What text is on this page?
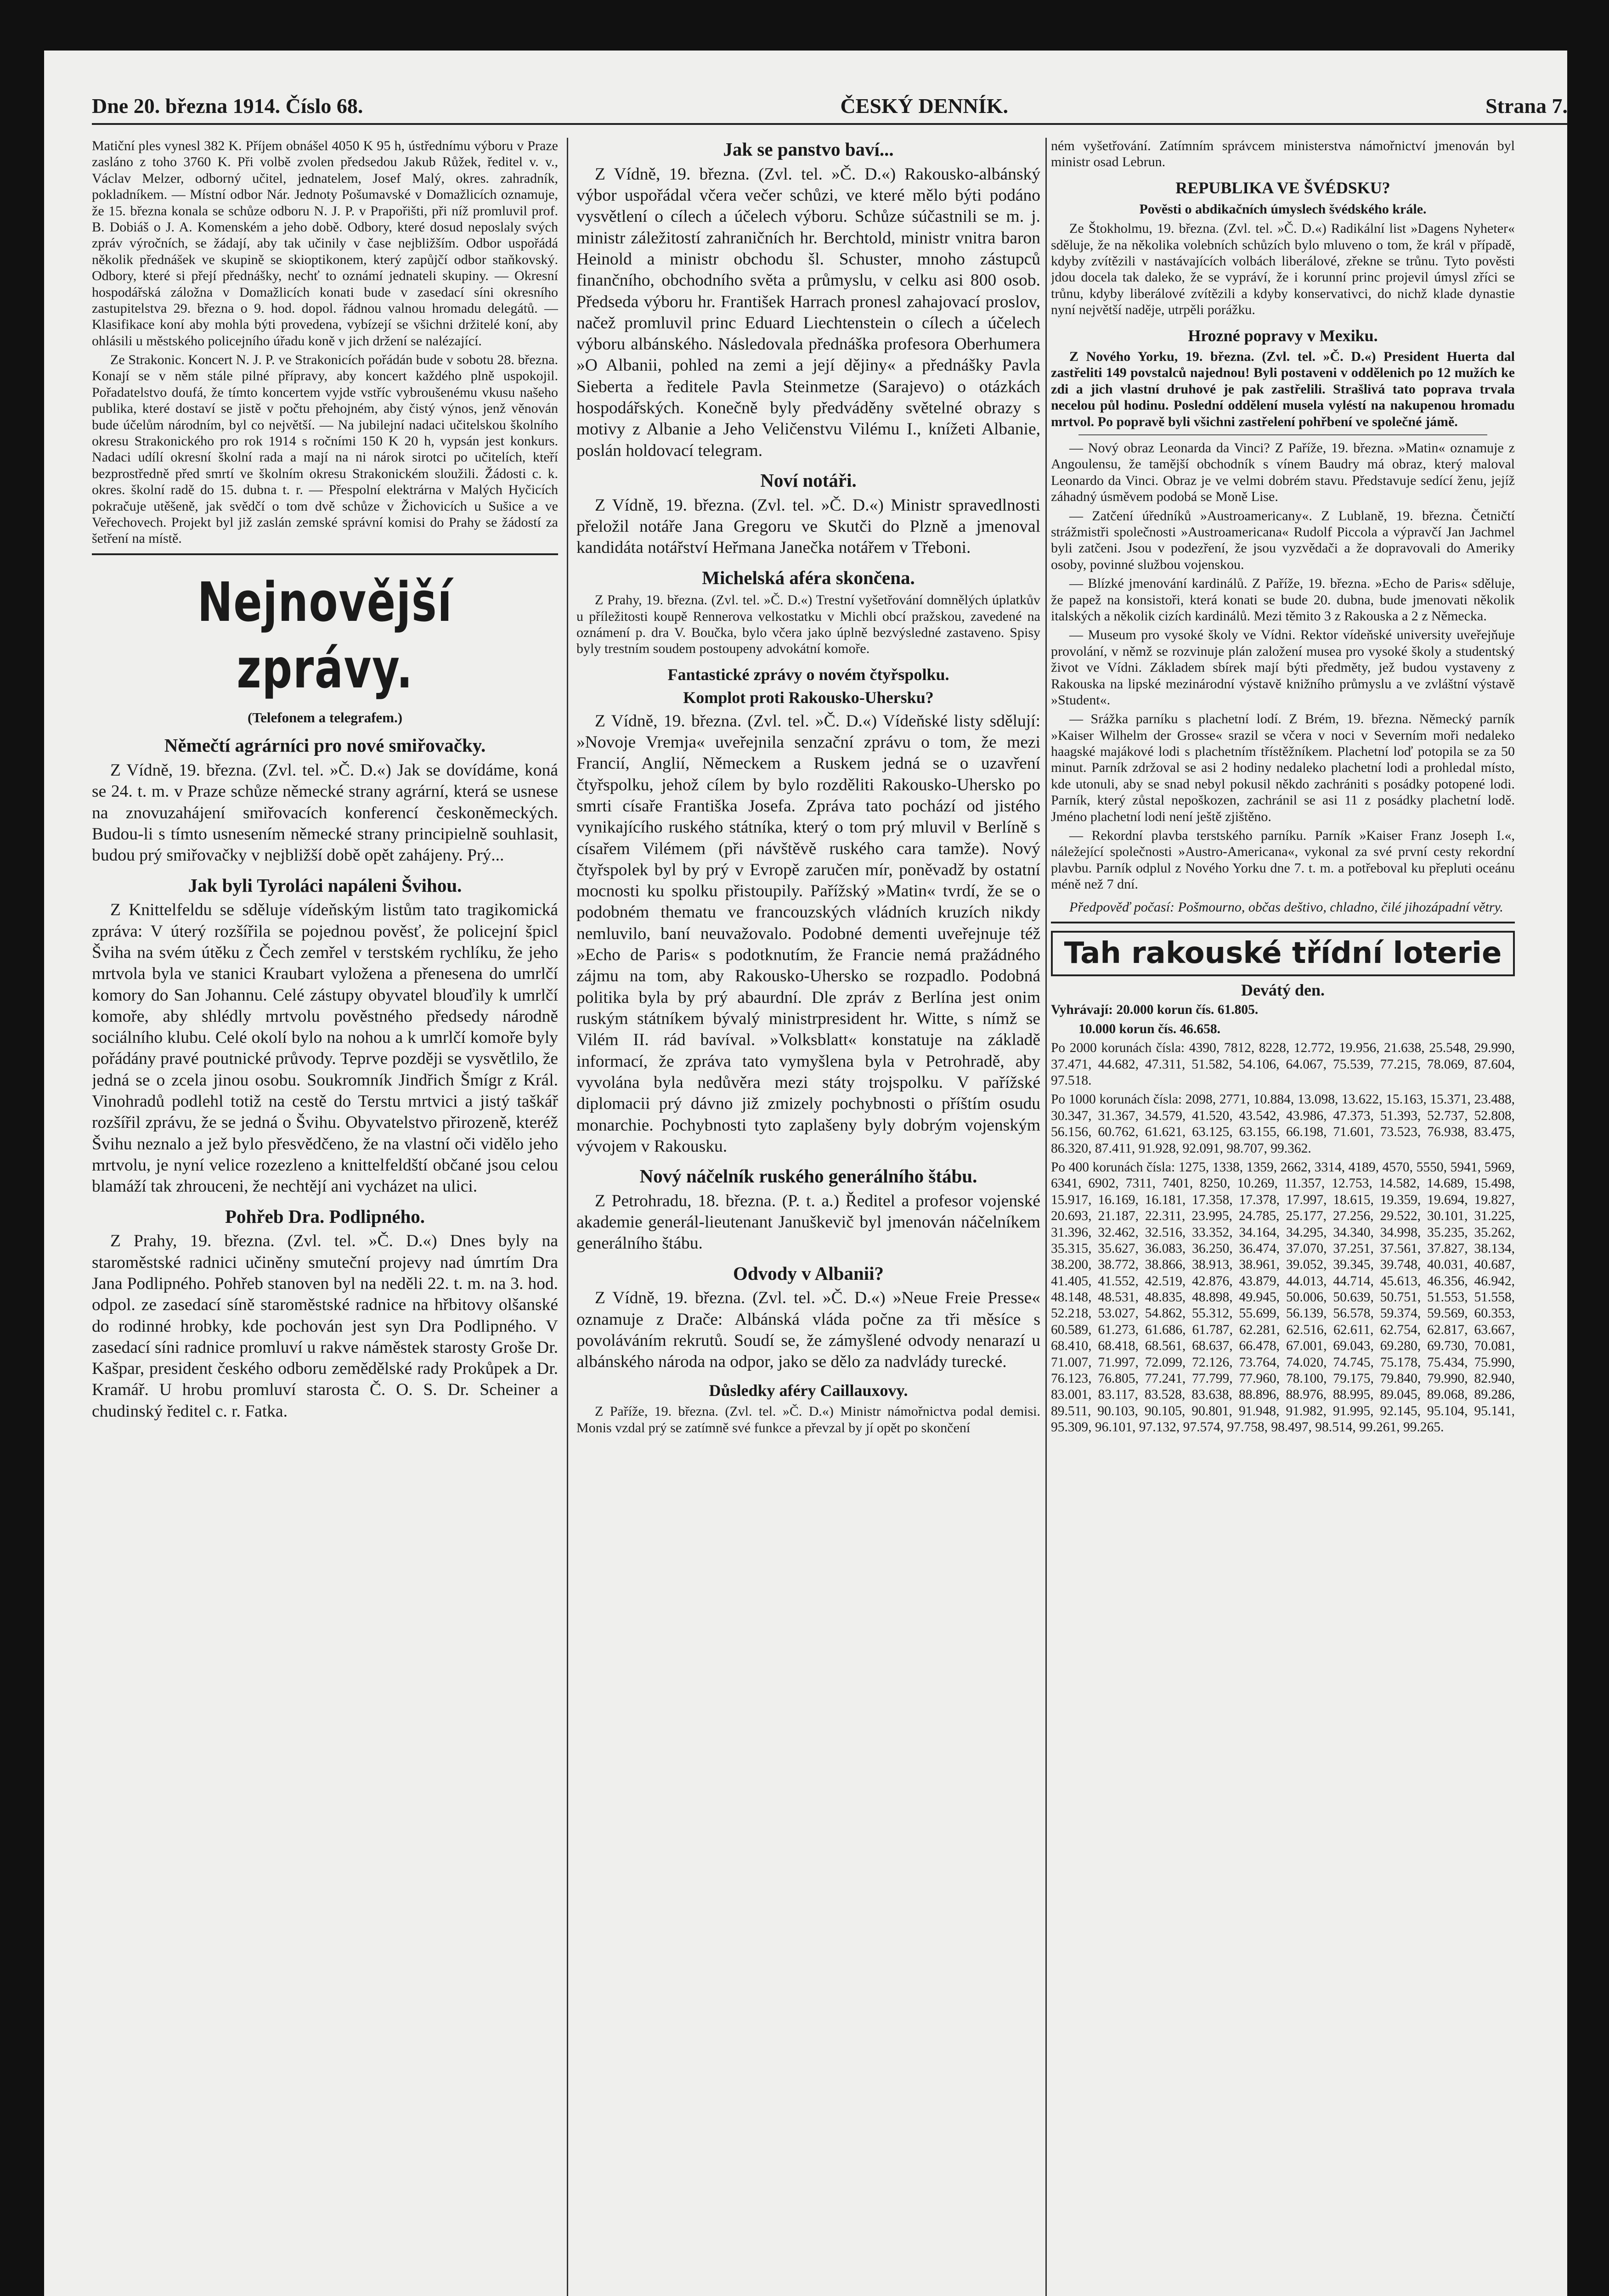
Dne 20. března 1914. Číslo 68.	ČESKÝ DENNÍK.	Strana 7.

Matiční ples vynesl 382 K. Příjem obnášel 4050 K 95 h, ústřednímu výboru v Praze zasláno z toho 3760 K. Při volbě zvolen předsedou Jakub Růžek, ředitel v. v., Václav Melzer, odborný učitel, jednatelem, Josef Malý, okres. zahradník, pokladníkem. — Místní odbor Nár. Jednoty Pošumavské v Domažlicích oznamuje, že 15. března konala se schůze odboru N. J. P. v Prapořišti, při níž promluvil prof. B. Dobiáš o J. A. Komenském a jeho době. Odbory, které dosud neposlaly svých zpráv výročních, se žádají, aby tak učinily v čase nejbližším. Odbor uspořádá několik přednášek ve skupině se skioptikonem, který zapůjčí odbor staňkovský. Odbory, které si přejí přednášky, nechť to oznámí jednateli skupiny. — Okresní hospodářská záložna v Domažlicích konati bude v zasedací síni okresního zastupitelstva 29. března o 9. hod. dopol. řádnou valnou hromadu delegátů. — Klasifikace koní aby mohla býti provedena, vybízejí se všichni držitelé koní, aby ohlásili u městského policejního úřadu koně v jich držení se nalézající.

Ze Strakonic. Koncert N. J. P. ve Strakonicích pořádán bude v sobotu 28. března. Konají se v něm stále pilné přípravy, aby koncert každého plně uspokojil. Pořadatelstvo doufá, že tímto koncertem vyjde vstříc vybroušenému vkusu našeho publika, které dostaví se jistě v počtu přehojném, aby čistý výnos, jenž věnován bude účelům národním, byl co největší. — Na jubilejní nadaci učitelskou školního okresu Strakonického pro rok 1914 s ročními 150 K 20 h, vypsán jest konkurs. Nadaci udílí okresní školní rada a mají na ni nárok sirotci po učitelích, kteří bezprostředně před smrtí ve školním okresu Strakonickém sloužili. Žádosti c. k. okres. školní radě do 15. dubna t. r. — Přespolní elektrárna v Malých Hyčicích pokračuje utěšeně, jak svědčí o tom dvě schůze v Žichovicích u Sušice a ve Veřechovech. Projekt byl již zaslán zemské správní komisi do Prahy se žádostí za šetření na místě.

Nejnovější zprávy.
(Telefonem a telegrafem.)
Němečtí agrárníci pro nové smiřovačky.

Z Vídně, 19. března. (Zvl. tel. »Č. D.«) Jak se dovídáme, koná se 24. t. m. v Praze schůze německé strany agrární, která se usnese na znovuzahájení smiřovacích konferencí českoněmeckých. Budou-li s tímto usnesením německé strany principielně souhlasit, budou prý smiřovačky v nejbližší době opět zahájeny. Prý...

Jak byli Tyroláci napáleni Švihou.

Z Knittelfeldu se sděluje vídeňským listům tato tragikomická zpráva: V úterý rozšířila se pojednou pověsť, že policejní špicl Šviha na svém útěku z Čech zemřel v terstském rychlíku, že jeho mrtvola byla ve stanici Kraubart vyložena a přenesena do umrlčí komory do San Johannu. Celé zástupy obyvatel blouďily k umrlčí komoře, aby shlédly mrtvolu pověstného předsedy národně sociálního klubu. Celé okolí bylo na nohou a k umrlčí komoře byly pořádány pravé poutnické průvody. Teprve později se vysvětlilo, že jedná se o zcela jinou osobu. Soukromník Jindřich Šmígr z Král. Vinohradů podlehl totiž na cestě do Terstu mrtvici a jistý taškář rozšířil zprávu, že se jedná o Švihu. Obyvatelstvo přirozeně, kteréž Švihu neznalo a jež bylo přesvědčeno, že na vlastní oči vidělo jeho mrtvolu, je nyní velice rozezleno a knittelfeldští občané jsou celou blamáží tak zhrouceni, že nechtějí ani vycházet na ulici.

Pohřeb Dra. Podlipného.

Z Prahy, 19. března. (Zvl. tel. »Č. D.«) Dnes byly na staroměstské radnici učiněny smuteční projevy nad úmrtím Dra Jana Podlipného. Pohřeb stanoven byl na neděli 22. t. m. na 3. hod. odpol. ze zasedací síně staroměstské radnice na hřbitovy olšanské do rodinné hrobky, kde pochován jest syn Dra Podlipného. V zasedací síni radnice promluví u rakve náměstek starosty Groše Dr. Kašpar, president českého odboru zemědělské rady Prokůpek a Dr. Kramář. U hrobu promluví starosta Č. O. S. Dr. Scheiner a chudinský ředitel c. r. Fatka.

Jak se panstvo baví...

Z Vídně, 19. března. (Zvl. tel. »Č. D.«) Rakousko-albánský výbor uspořádal včera večer schůzi, ve které mělo býti podáno vysvětlení o cílech a účelech výboru. Schůze súčastnili se m. j. ministr záležitostí zahraničních hr. Berchtold, ministr vnitra baron Heinold a ministr obchodu šl. Schuster, mnoho zástupců finančního, obchodního světa a průmyslu, v celku asi 800 osob. Předseda výboru hr. František Harrach pronesl zahajovací proslov, načež promluvil princ Eduard Liechtenstein o cílech a účelech výboru albánského. Následovala přednáška profesora Oberhumera »O Albanii, pohled na zemi a její dějiny« a přednášky Pavla Sieberta a ředitele Pavla Steinmetze (Sarajevo) o otázkách hospodářských. Konečně byly předváděny světelné obrazy s motivy z Albanie a Jeho Veličenstvu Vilému I., knížeti Albanie, poslán holdovací telegram.

Noví notáři.

Z Vídně, 19. března. (Zvl. tel. »Č. D.«) Ministr spravedlnosti přeložil notáře Jana Gregoru ve Skutči do Plzně a jmenoval kandidáta notářství Heřmana Janečka notářem v Třeboni.

Michelská aféra skončena.

Z Prahy, 19. března. (Zvl. tel. »Č. D.«) Trestní vyšetřování domnělých úplatkův u příležitosti koupě Rennerova velkostatku v Michli obcí pražskou, zavedené na oznámení p. dra V. Boučka, bylo včera jako úplně bezvýsledné zastaveno. Spisy byly trestním soudem postoupeny advokátní komoře.

Fantastické zprávy o novém čtyřspolku.
Komplot proti Rakousko-Uhersku?

Z Vídně, 19. března. (Zvl. tel. »Č. D.«) Vídeňské listy sdělují: »Novoje Vremja« uveřejnila senzační zprávu o tom, že mezi Francií, Anglií, Německem a Ruskem jedná se o uzavření čtyřspolku, jehož cílem by bylo rozděliti Rakousko-Uhersko po smrti císaře Františka Josefa. Zpráva tato pochází od jistého vynikajícího ruského státníka, který o tom prý mluvil v Berlíně s císařem Vilémem (při návštěvě ruského cara tamže). Nový čtyřspolek byl by prý v Evropě zaručen mír, poněvadž by ostatní mocnosti ku spolku přistoupily. Pařížský »Matin« tvrdí, že se o podobném thematu ve francouzských vládních kruzích nikdy nemluvilo, baní neuvažovalo. Podobné dementi uveřejnuje též »Echo de Paris« s podotknutím, že Francie nemá pražádného zájmu na tom, aby Rakousko-Uhersko se rozpadlo. Podobná politika byla by prý abaurdní. Dle zpráv z Berlína jest onim ruským státníkem bývalý ministrpresident hr. Witte, s nímž se Vilém II. rád bavíval. »Volksblatt« konstatuje na základě informací, že zpráva tato vymyšlena byla v Petrohradě, aby vyvolána byla nedůvěra mezi státy trojspolku. V pařížské diplomacii prý dávno již zmizely pochybnosti o příštím osudu monarchie. Pochybnosti tyto zaplašeny byly dobrým vojenským vývojem v Rakousku.

Nový náčelník ruského generálního štábu.

Z Petrohradu, 18. března. (P. t. a.) Ředitel a profesor vojenské akademie generál-lieutenant Januškevič byl jmenován náčelníkem generálního štábu.

Odvody v Albanii?

Z Vídně, 19. března. (Zvl. tel. »Č. D.«) »Neue Freie Presse« oznamuje z Drače: Albánská vláda počne za tři měsíce s povoláváním rekrutů. Soudí se, že zámyšlené odvody nenarazí u albánského národa na odpor, jako se dělo za nadvlády turecké.

Důsledky aféry Caillauxovy.

Z Paříže, 19. března. (Zvl. tel. »Č. D.«) Ministr námořnictva podal demisi. Monis vzdal prý se zatímně své funkce a převzal by jí opět po skončení

ném vyšetřování. Zatímním správcem ministerstva námořnictví jmenován byl ministr osad Lebrun.

REPUBLIKA VE ŠVÉDSKU?
Pověsti o abdikačních úmyslech švédského krále.

Ze Štokholmu, 19. března. (Zvl. tel. »Č. D.«) Radikální list »Dagens Nyheter« sděluje, že na několika volebních schůzích bylo mluveno o tom, že král v případě, kdyby zvítězili v nastávajících volbách liberálové, zřekne se trůnu. Tyto pověsti jdou docela tak daleko, že se vypráví, že i korunní princ projevil úmysl zříci se trůnu, kdyby liberálové zvítězili a kdyby konservativci, do nichž klade dynastie nyní největší naděje, utrpěli porážku.

Hrozné popravy v Mexiku.

Z Nového Yorku, 19. března. (Zvl. tel. »Č. D.«) President Huerta dal zastřeliti 149 povstalců najednou! Byli postaveni v oddělenich po 12 mužích ke zdi a jich vlastní druhové je pak zastřelili. Strašlivá tato poprava trvala necelou půl hodinu. Poslední oddělení musela vyléstí na nakupenou hromadu mrtvol. Po popravě byli všichni zastřelení pohřbení ve společné jámě.

— Nový obraz Leonarda da Vinci? Z Paříže, 19. března. »Matin« oznamuje z Angoulensu, že tamější obchodník s vínem Baudry má obraz, který maloval Leonardo da Vinci. Obraz je ve velmi dobrém stavu. Představuje sedící ženu, jejíž záhadný úsměvem podobá se Moně Lise.

— Zatčení úředníků »Austroamericany«. Z Lublaně, 19. března. Četničtí strážmistři společnosti »Austroamericana« Rudolf Piccola a výpravčí Jan Jachmel byli zatčeni. Jsou v podezření, že jsou vyzvědači a že dopravovali do Ameriky osoby, povinné službou vojenskou.

— Blízké jmenování kardinálů. Z Paříže, 19. března. »Echo de Paris« sděluje, že papež na konsistoři, která konati se bude 20. dubna, bude jmenovati několik italských a několik cizích kardinálů. Mezi těmito 3 z Rakouska a 2 z Německa.

— Museum pro vysoké školy ve Vídni. Rektor vídeňské university uveřejňuje provolání, v němž se rozvinuje plán založení musea pro vysoké školy a studentský život ve Vídni. Základem sbírek mají býti předměty, jež budou vystaveny z Rakouska na lipské mezinárodní výstavě knižního průmyslu a ve zvláštní výstavě »Student«.

— Srážka parníku s plachetní lodí. Z Brém, 19. března. Německý parník »Kaiser Wilhelm der Grosse« srazil se včera v noci v Severním moři nedaleko haagské majákové lodi s plachetním třístěžníkem. Plachetní loď potopila se za 50 minut. Parník zdržoval se asi 2 hodiny nedaleko plachetní lodi a prohledal místo, kde utonuli, aby se snad nebyl pokusil někdo zachrániti s posádky potopené lodi. Parník, který zůstal nepoškozen, zachránil se asi 11 z posádky plachetní lodě. Jméno plachetní lodi není ještě zjištěno.

— Rekordní plavba terstského parníku. Parník »Kaiser Franz Joseph I.«, náležející společnosti »Austro-Americana«, vykonal za své první cesty rekordní plavbu. Parník odplul z Nového Yorku dne 7. t. m. a potřeboval ku přepluti oceánu méně než 7 dní.

Předpověď počasí: Pošmourno, občas deštivo, chladno, čilé jihozápadní větry.

Tah rakouské třídní loterie
Devátý den.

Vyhrávají: 20.000 korun čís. 61.805.

10.000 korun čís. 46.658.

Po 2000 korunách čísla: 4390, 7812, 8228, 12.772, 19.956, 21.638, 25.548, 29.990, 37.471, 44.682, 47.311, 51.582, 54.106, 64.067, 75.539, 77.215, 78.069, 87.604, 97.518.

Po 1000 korunách čísla: 2098, 2771, 10.884, 13.098, 13.622, 15.163, 15.371, 23.488, 30.347, 31.367, 34.579, 41.520, 43.542, 43.986, 47.373, 51.393, 52.737, 52.808, 56.156, 60.762, 61.621, 63.125, 63.155, 66.198, 71.601, 73.523, 76.938, 83.475, 86.320, 87.411, 91.928, 92.091, 98.707, 99.362.

Po 400 korunách čísla: 1275, 1338, 1359, 2662, 3314, 4189, 4570, 5550, 5941, 5969, 6341, 6902, 7311, 7401, 8250, 10.269, 11.357, 12.753, 14.582, 14.689, 15.498, 15.917, 16.169, 16.181, 17.358, 17.378, 17.997, 18.615, 19.359, 19.694, 19.827, 20.693, 21.187, 22.311, 23.995, 24.785, 25.177, 27.256, 29.522, 30.101, 31.225, 31.396, 32.462, 32.516, 33.352, 34.164, 34.295, 34.340, 34.998, 35.235, 35.262, 35.315, 35.627, 36.083, 36.250, 36.474, 37.070, 37.251, 37.561, 37.827, 38.134, 38.200, 38.772, 38.866, 38.913, 38.961, 39.052, 39.345, 39.748, 40.031, 40.687, 41.405, 41.552, 42.519, 42.876, 43.879, 44.013, 44.714, 45.613, 46.356, 46.942, 48.148, 48.531, 48.835, 48.898, 49.945, 50.006, 50.639, 50.751, 51.553, 51.558, 52.218, 53.027, 54.862, 55.312, 55.699, 56.139, 56.578, 59.374, 59.569, 60.353, 60.589, 61.273, 61.686, 61.787, 62.281, 62.516, 62.611, 62.754, 62.817, 63.667, 68.410, 68.418, 68.561, 68.637, 66.478, 67.001, 69.043, 69.280, 69.730, 70.081, 71.007, 71.997, 72.099, 72.126, 73.764, 74.020, 74.745, 75.178, 75.434, 75.990, 76.123, 76.805, 77.241, 77.799, 77.960, 78.100, 79.175, 79.840, 79.990, 82.940, 83.001, 83.117, 83.528, 83.638, 88.896, 88.976, 88.995, 89.045, 89.068, 89.286, 89.511, 90.103, 90.105, 90.801, 91.948, 91.982, 91.995, 92.145, 95.104, 95.141, 95.309, 96.101, 97.132, 97.574, 97.758, 98.497, 98.514, 99.261, 99.265.
